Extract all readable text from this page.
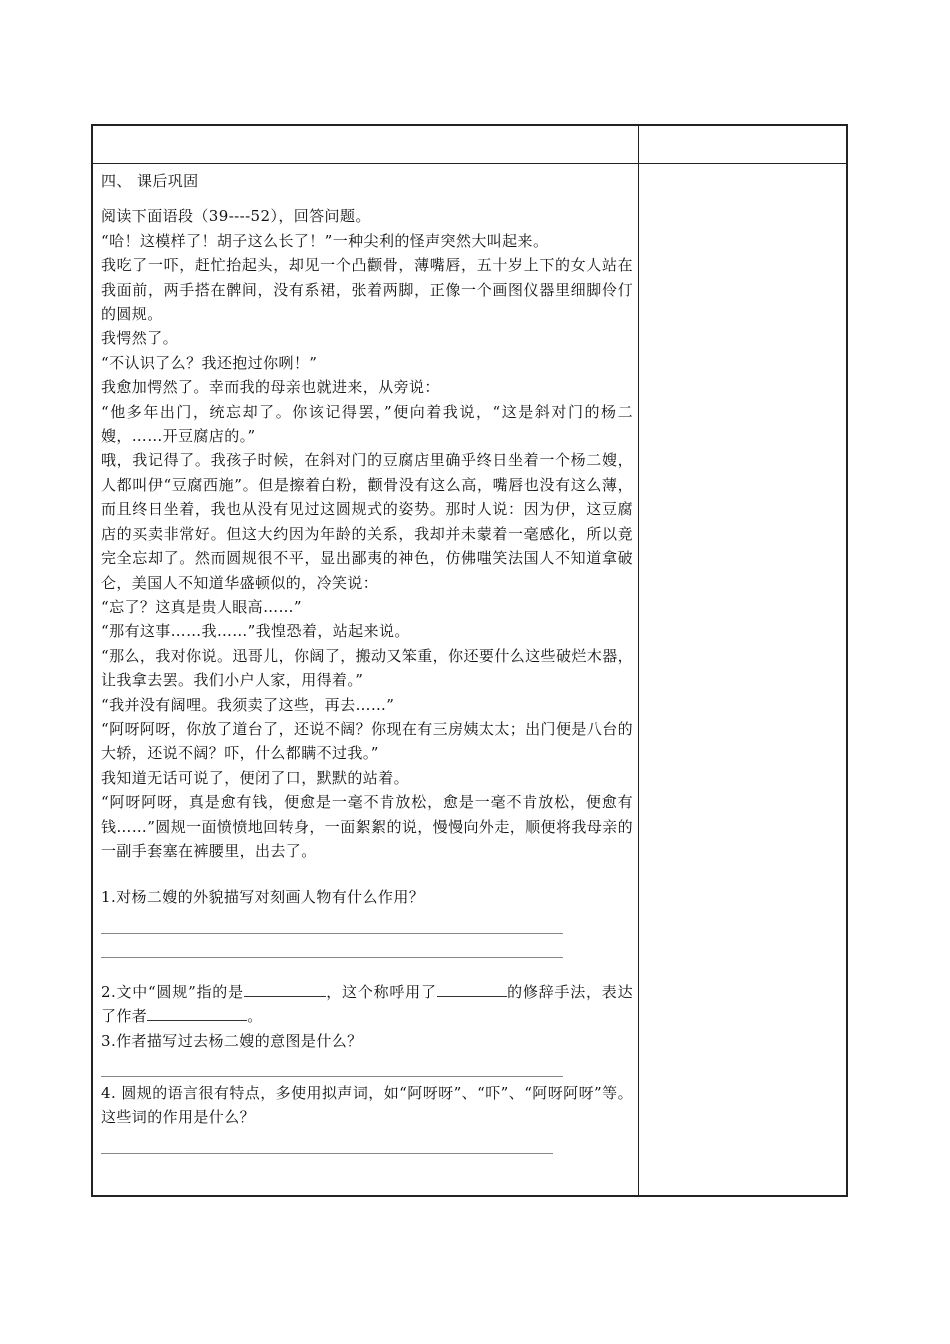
四、 课后巩固

阅读下面语段（39----52），回答问题。

“哈！这模样了！胡子这么长了！”一种尖利的怪声突然大叫起来。

我吃了一吓，赶忙抬起头，却见一个凸颧骨，薄嘴唇，五十岁上下的女人站在我面前，两手搭在髀间，没有系裙，张着两脚，正像一个画图仪器里细脚伶仃的圆规。

我愕然了。

“不认识了么？我还抱过你咧！”

我愈加愕然了。幸而我的母亲也就进来，从旁说：

“他多年出门，统忘却了。你该记得罢，”便向着我说，“这是斜对门的杨二嫂，……开豆腐店的。”

哦，我记得了。我孩子时候，在斜对门的豆腐店里确乎终日坐着一个杨二嫂，人都叫伊“豆腐西施”。但是擦着白粉，颧骨没有这么高，嘴唇也没有这么薄，而且终日坐着，我也从没有见过这圆规式的姿势。那时人说：因为伊，这豆腐店的买卖非常好。但这大约因为年龄的关系，我却并未蒙着一毫感化，所以竟完全忘却了。然而圆规很不平，显出鄙夷的神色，仿佛嗤笑法国人不知道拿破仑，美国人不知道华盛顿似的，冷笑说：

“忘了？这真是贵人眼高……”

“那有这事……我……”我惶恐着，站起来说。

“那么，我对你说。迅哥儿，你阔了，搬动又笨重，你还要什么这些破烂木器，让我拿去罢。我们小户人家，用得着。”

“我并没有阔哩。我须卖了这些，再去……”

“阿呀阿呀，你放了道台了，还说不阔？你现在有三房姨太太；出门便是八台的大轿，还说不阔？吓，什么都瞒不过我。”

我知道无话可说了，便闭了口，默默的站着。

“阿呀阿呀，真是愈有钱，便愈是一毫不肯放松，愈是一毫不肯放松，便愈有钱……”圆规一面愤愤地回转身，一面絮絮的说，慢慢向外走，顺便将我母亲的一副手套塞在裤腰里，出去了。

1.对杨二嫂的外貌描写对刻画人物有什么作用？

2.文中“圆规”指的是	，这个称呼用了	的修辞手法，表达了作者	。

3.作者描写过去杨二嫂的意图是什么？

4. 圆规的语言很有特点，多使用拟声词，如“阿呀呀”、“吓”、“阿呀阿呀”等。这些词的作用是什么？
